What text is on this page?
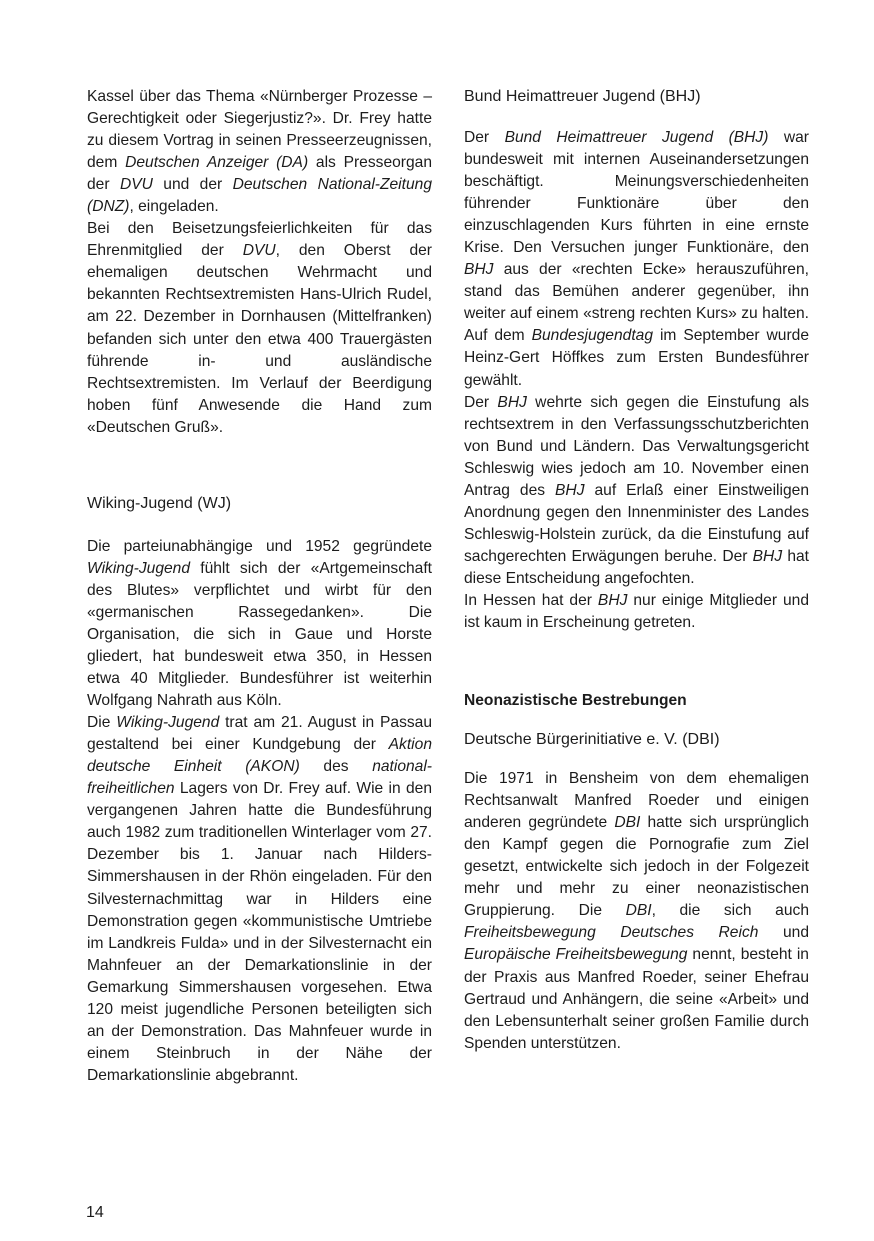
Kassel über das Thema «Nürnberger Prozesse – Gerechtigkeit oder Siegerjustiz?». Dr. Frey hatte zu diesem Vortrag in seinen Presseerzeugnissen, dem Deutschen Anzeiger (DA) als Presseorgan der DVU und der Deutschen National-Zeitung (DNZ), eingeladen.

Bei den Beisetzungsfeierlichkeiten für das Ehrenmitglied der DVU, den Oberst der ehemaligen deutschen Wehrmacht und bekannten Rechtsextremisten Hans-Ulrich Rudel, am 22. Dezember in Dornhausen (Mittelfranken) befanden sich unter den etwa 400 Trauergästen führende in- und ausländische Rechtsextremisten. Im Verlauf der Beerdigung hoben fünf Anwesende die Hand zum «Deutschen Gruß».

Wiking-Jugend (WJ)

Die parteiunabhängige und 1952 gegründete Wiking-Jugend fühlt sich der «Artgemeinschaft des Blutes» verpflichtet und wirbt für den «germanischen Rassegedanken». Die Organisation, die sich in Gaue und Horste gliedert, hat bundesweit etwa 350, in Hessen etwa 40 Mitglieder. Bundesführer ist weiterhin Wolfgang Nahrath aus Köln.

Die Wiking-Jugend trat am 21. August in Passau gestaltend bei einer Kundgebung der Aktion deutsche Einheit (AKON) des national-freiheitlichen Lagers von Dr. Frey auf. Wie in den vergangenen Jahren hatte die Bundesführung auch 1982 zum traditionellen Winterlager vom 27. Dezember bis 1. Januar nach Hilders-Simmershausen in der Rhön eingeladen. Für den Silvesternachmittag war in Hilders eine Demonstration gegen «kommunistische Umtriebe im Landkreis Fulda» und in der Silvesternacht ein Mahnfeuer an der Demarkationslinie in der Gemarkung Simmershausen vorgesehen. Etwa 120 meist jugendliche Personen beteiligten sich an der Demonstration. Das Mahnfeuer wurde in einem Steinbruch in der Nähe der Demarkationslinie abgebrannt.

Bund Heimattreuer Jugend (BHJ)

Der Bund Heimattreuer Jugend (BHJ) war bundesweit mit internen Auseinandersetzungen beschäftigt. Meinungsverschiedenheiten führender Funktionäre über den einzuschlagenden Kurs führten in eine ernste Krise. Den Versuchen junger Funktionäre, den BHJ aus der «rechten Ecke» herauszuführen, stand das Bemühen anderer gegenüber, ihn weiter auf einem «streng rechten Kurs» zu halten. Auf dem Bundesjugendtag im September wurde Heinz-Gert Höffkes zum Ersten Bundesführer gewählt.

Der BHJ wehrte sich gegen die Einstufung als rechtsextrem in den Verfassungsschutzberichten von Bund und Ländern. Das Verwaltungsgericht Schleswig wies jedoch am 10. November einen Antrag des BHJ auf Erlaß einer Einstweiligen Anordnung gegen den Innenminister des Landes Schleswig-Holstein zurück, da die Einstufung auf sachgerechten Erwägungen beruhe. Der BHJ hat diese Entscheidung angefochten.

In Hessen hat der BHJ nur einige Mitglieder und ist kaum in Erscheinung getreten.

Neonazistische Bestrebungen

Deutsche Bürgerinitiative e. V. (DBI)

Die 1971 in Bensheim von dem ehemaligen Rechtsanwalt Manfred Roeder und einigen anderen gegründete DBI hatte sich ursprünglich den Kampf gegen die Pornografie zum Ziel gesetzt, entwickelte sich jedoch in der Folgezeit mehr und mehr zu einer neonazistischen Gruppierung. Die DBI, die sich auch Freiheitsbewegung Deutsches Reich und Europäische Freiheitsbewegung nennt, besteht in der Praxis aus Manfred Roeder, seiner Ehefrau Gertraud und Anhängern, die seine «Arbeit» und den Lebensunterhalt seiner großen Familie durch Spenden unterstützen.

14
